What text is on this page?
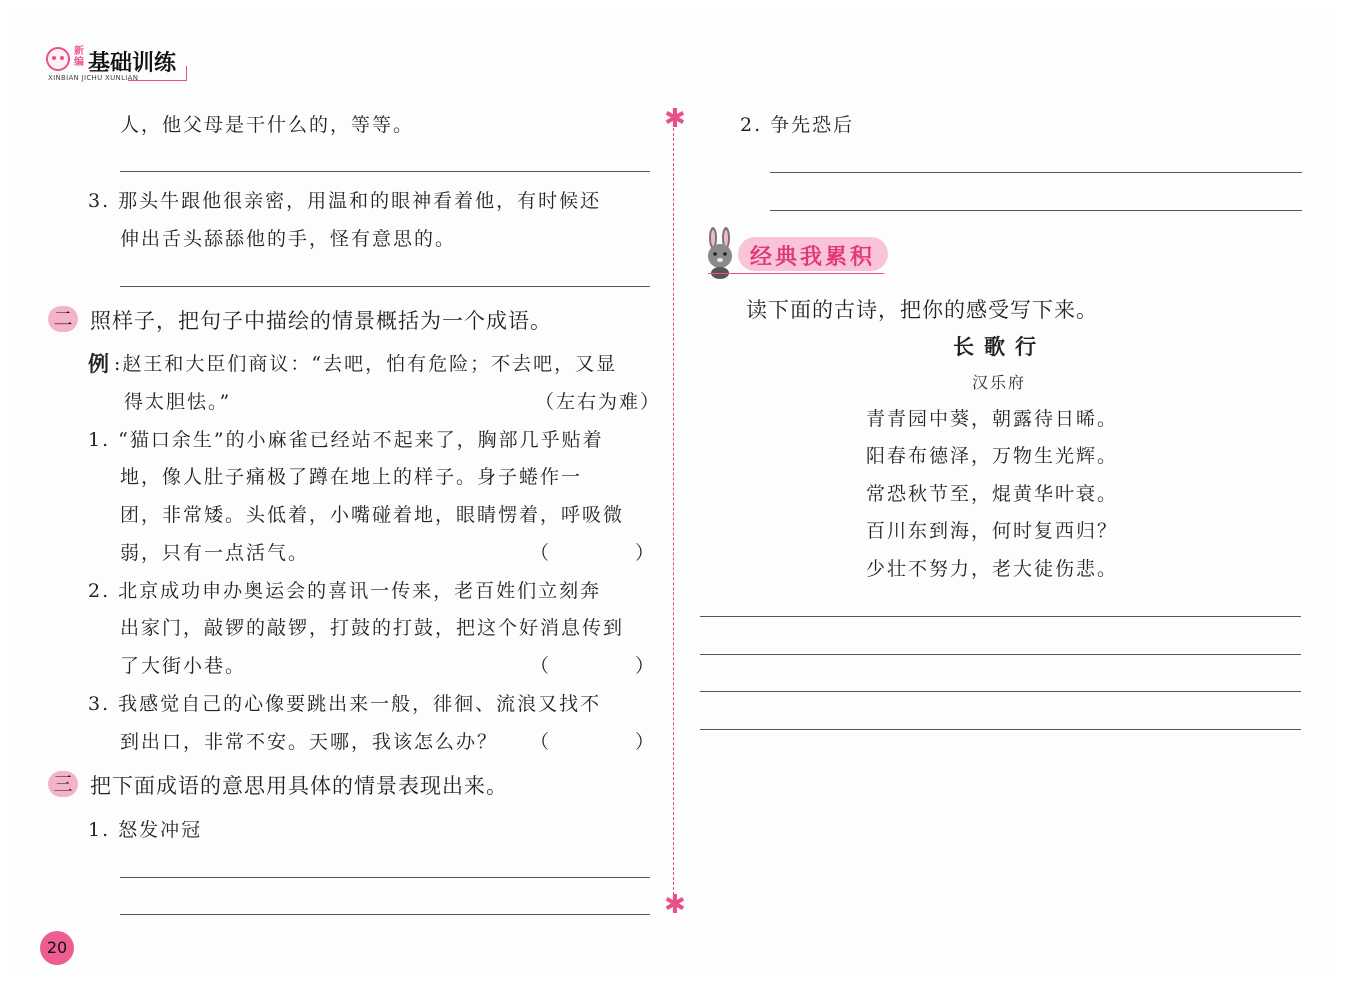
新编 基础训练
XINBIAN JICHU XUNLIAN
✱
✱
人，他父母是干什么的，等等。
3. 那头牛跟他很亲密，用温和的眼神看着他，有时候还
伸出舌头舔舔他的手，怪有意思的。
二 照样子，把句子中描绘的情景概括为一个成语。
例 :赵王和大臣们商议：“去吧，怕有危险；不去吧，又显
得太胆怯。”	（左右为难）
1. “猫口余生”的小麻雀已经站不起来了，胸部几乎贴着
地，像人肚子痛极了蹲在地上的样子。身子蜷作一
团，非常矮。头低着，小嘴碰着地，眼睛愣着，呼吸微
弱，只有一点活气。	（　　　　）
2. 北京成功申办奥运会的喜讯一传来，老百姓们立刻奔
出家门，敲锣的敲锣，打鼓的打鼓，把这个好消息传到
了大街小巷。	（　　　　）
3. 我感觉自己的心像要跳出来一般，徘徊、流浪又找不
到出口，非常不安。天哪，我该怎么办？ （　　　　）
三 把下面成语的意思用具体的情景表现出来。
1. 怒发冲冠
20
2. 争先恐后
经典我累积
读下面的古诗，把你的感受写下来。
长歌行
汉乐府
青青园中葵，朝露待日晞。
阳春布德泽，万物生光辉。
常恐秋节至，焜黄华叶衰。
百川东到海，何时复西归？
少壮不努力，老大徒伤悲。
